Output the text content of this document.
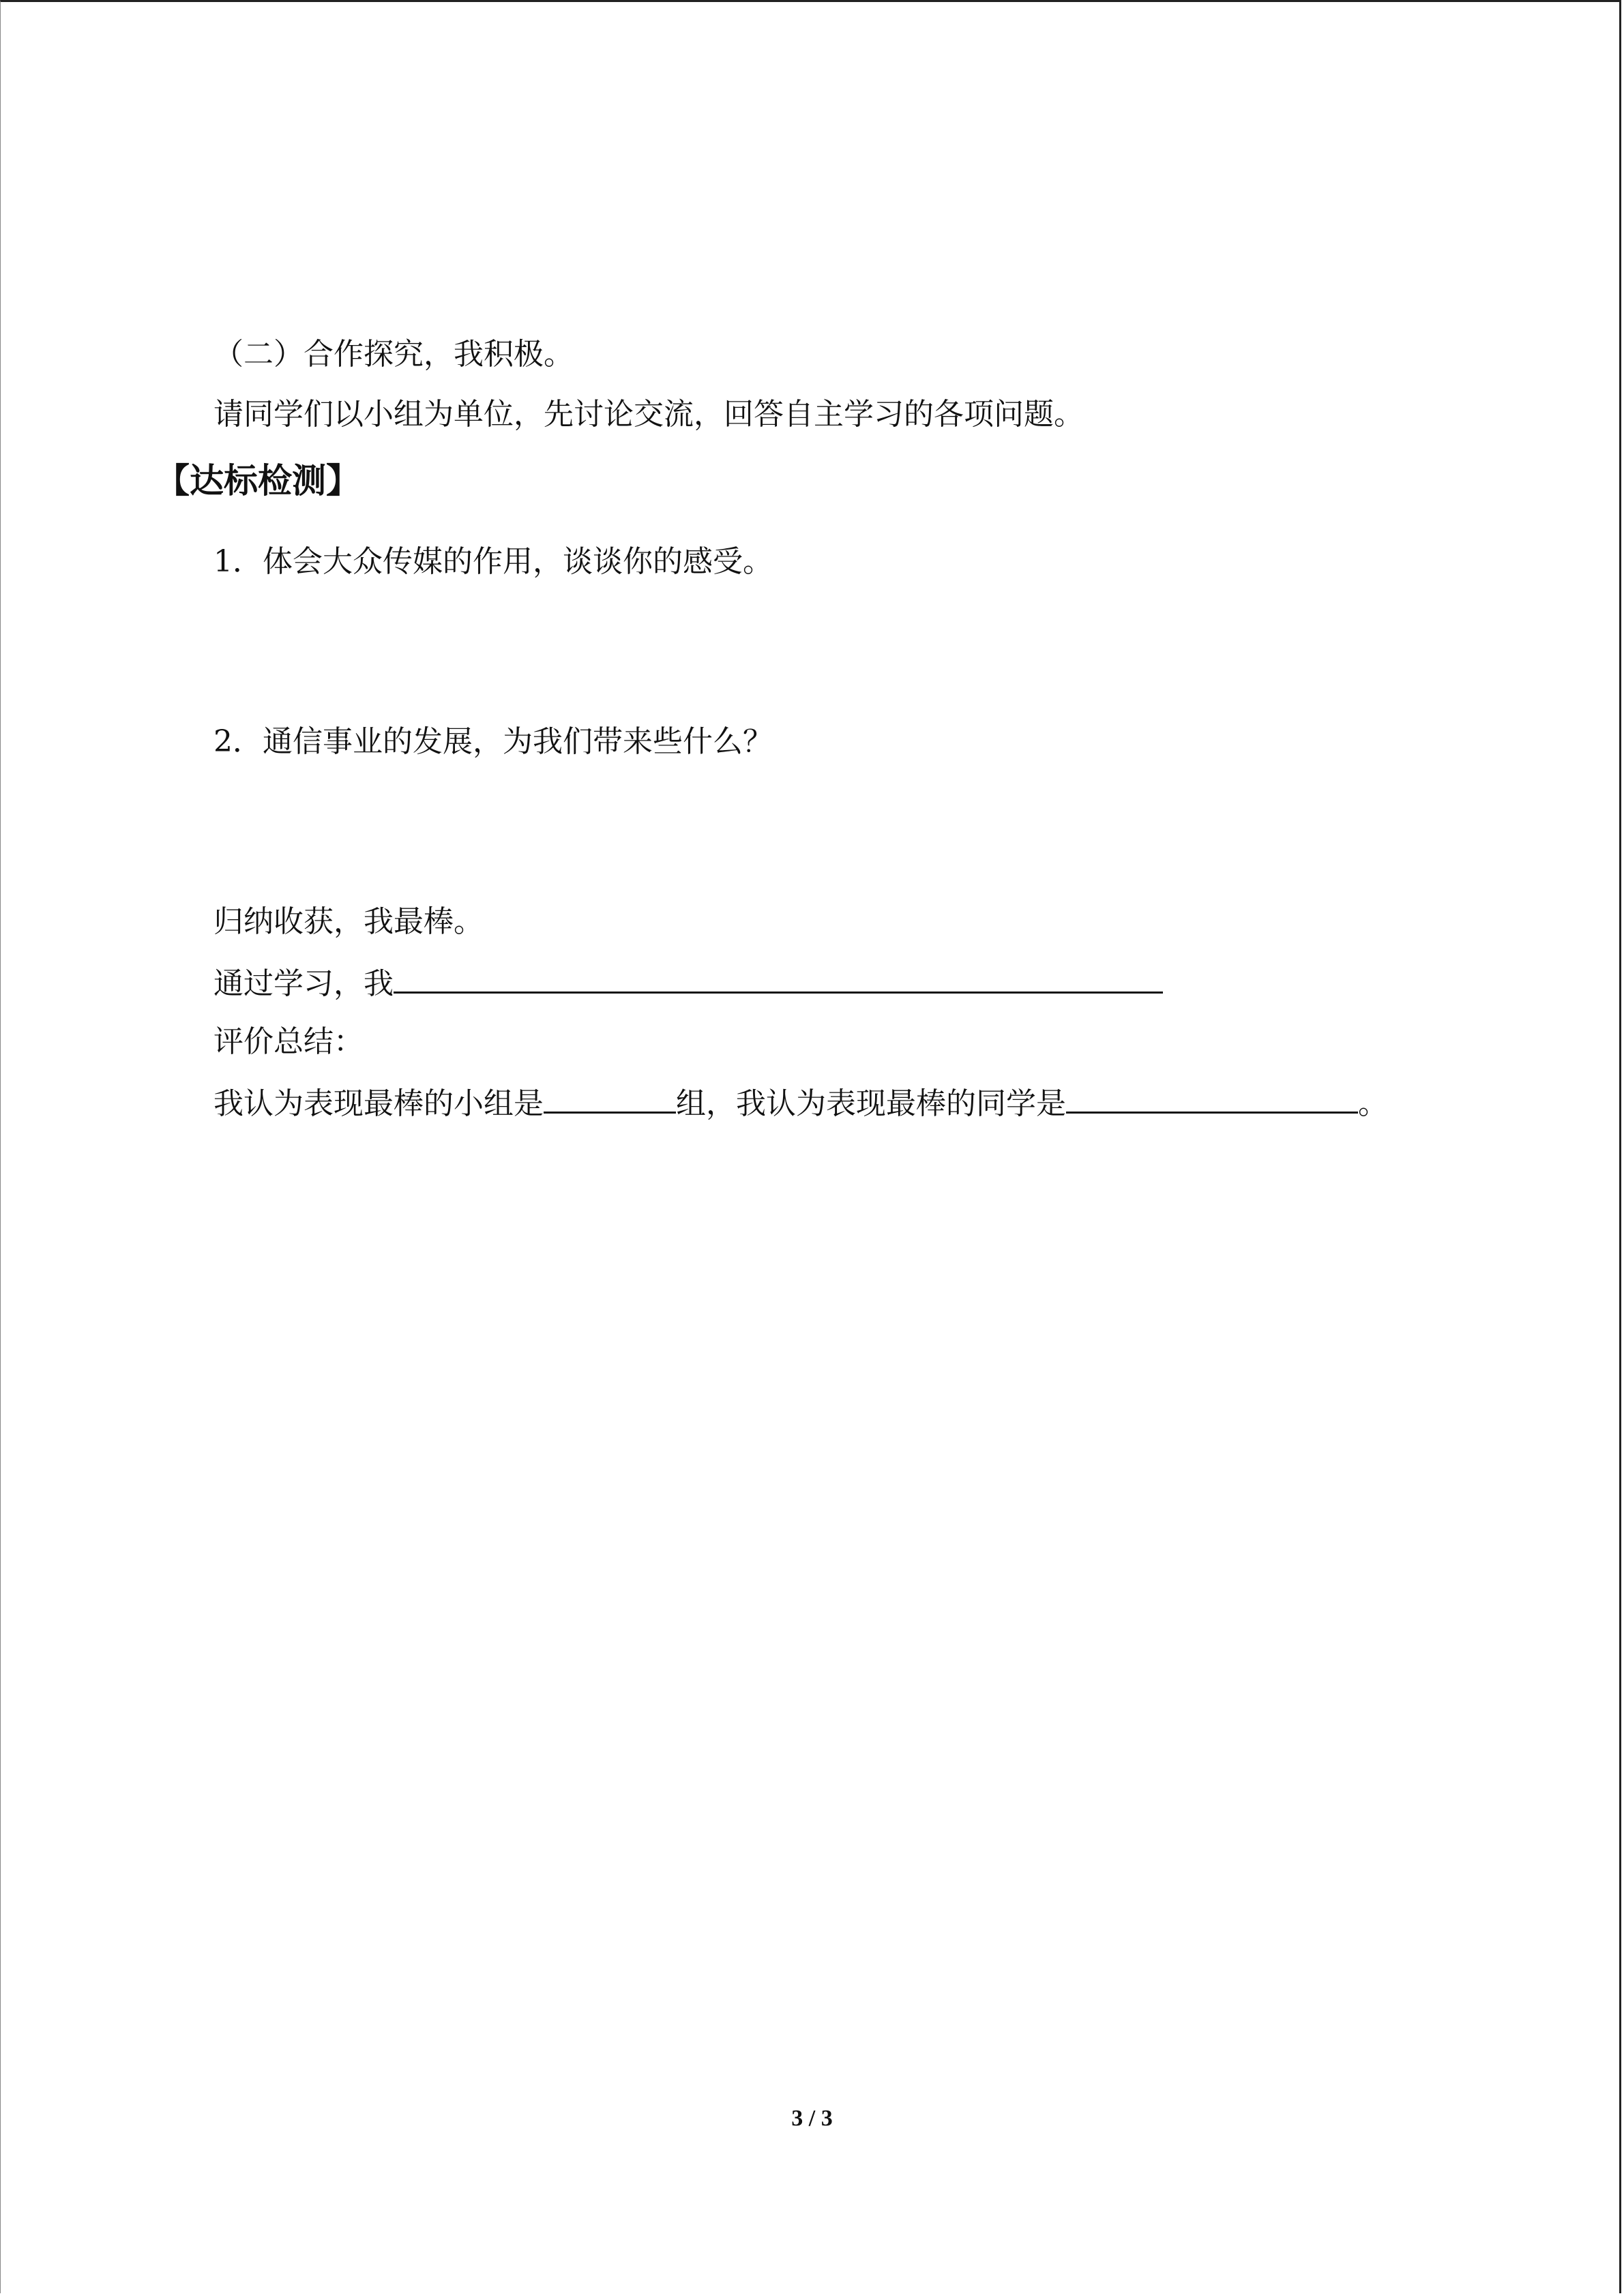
（二）合作探究，我积极。
请同学们以小组为单位，先讨论交流，回答自主学习的各项问题。
【达标检测】
1．体会大众传媒的作用，谈谈你的感受。
2．通信事业的发展，为我们带来些什么？
归纳收获，我最棒。
通过学习，我
评价总结：
我认为表现最棒的小组是	组，我认为表现最棒的同学是	。
3 / 3
